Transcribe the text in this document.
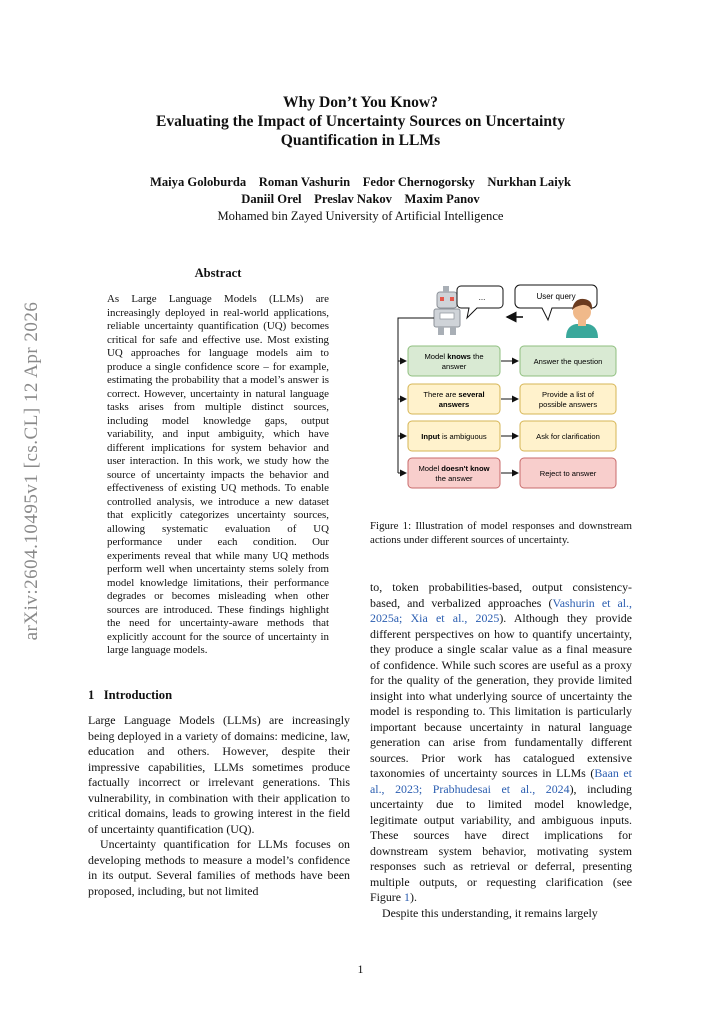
Why Don’t You Know?
Evaluating the Impact of Uncertainty Sources on Uncertainty
Quantification in LLMs
Maiya Goloburda Roman Vashurin Fedor Chernogorsky Nurkhan Laiyk
Daniil Orel Preslav Nakov Maxim Panov
Mohamed bin Zayed University of Artificial Intelligence
arXiv:2604.10495v1 [cs.CL] 12 Apr 2026
Abstract
As Large Language Models (LLMs) are increasingly deployed in real-world applications, reliable uncertainty quantification (UQ) becomes critical for safe and effective use. Most existing UQ approaches for language models aim to produce a single confidence score – for example, estimating the probability that a model’s answer is correct. However, uncertainty in natural language tasks arises from multiple distinct sources, including model knowledge gaps, output variability, and input ambiguity, which have different implications for system behavior and user interaction. In this work, we study how the source of uncertainty impacts the behavior and effectiveness of existing UQ methods. To enable controlled analysis, we introduce a new dataset that explicitly categorizes uncertainty sources, allowing systematic evaluation of UQ performance under each condition. Our experiments reveal that while many UQ methods perform well when uncertainty stems solely from model knowledge limitations, their performance degrades or becomes misleading when other sources are introduced. These findings highlight the need for uncertainty-aware methods that explicitly account for the source of uncertainty in large language models.
1 Introduction

Large Language Models (LLMs) are increasingly being deployed in a variety of domains: medicine, law, education and others. However, despite their impressive capabilities, LLMs sometimes produce factually incorrect or irrelevant generations. This vulnerability, in combination with their application to critical domains, leads to growing interest in the field of uncertainty quantification (UQ).

Uncertainty quantification for LLMs focuses on developing methods to measure a model’s confidence in its output. Several families of methods have been proposed, including, but not limited

...	User query
Model knows the
answer
Answer the question
There are several
answers
Provide a list of
possible answers
Input is ambiguous	Ask for clarification
Model doesn't know
the answer
Reject to answer
Figure 1: Illustration of model responses and downstream actions under different sources of uncertainty.

to, token probabilities-based, output consistency-based, and verbalized approaches (Vashurin et al., 2025a; Xia et al., 2025). Although they provide different perspectives on how to quantify uncertainty, they produce a single scalar value as a final measure of confidence. While such scores are useful as a proxy for the quality of the generation, they provide limited insight into what underlying source of uncertainty the model is responding to. This limitation is particularly important because uncertainty in natural language generation can arise from fundamentally different sources. Prior work has catalogued extensive taxonomies of uncertainty sources in LLMs (Baan et al., 2023; Prabhudesai et al., 2024), including uncertainty due to limited model knowledge, legitimate output variability, and ambiguous inputs. These sources have direct implications for downstream system behavior, motivating system responses such as retrieval or deferral, presenting multiple outputs, or requesting clarification (see Figure 1).

Despite this understanding, it remains largely

1
